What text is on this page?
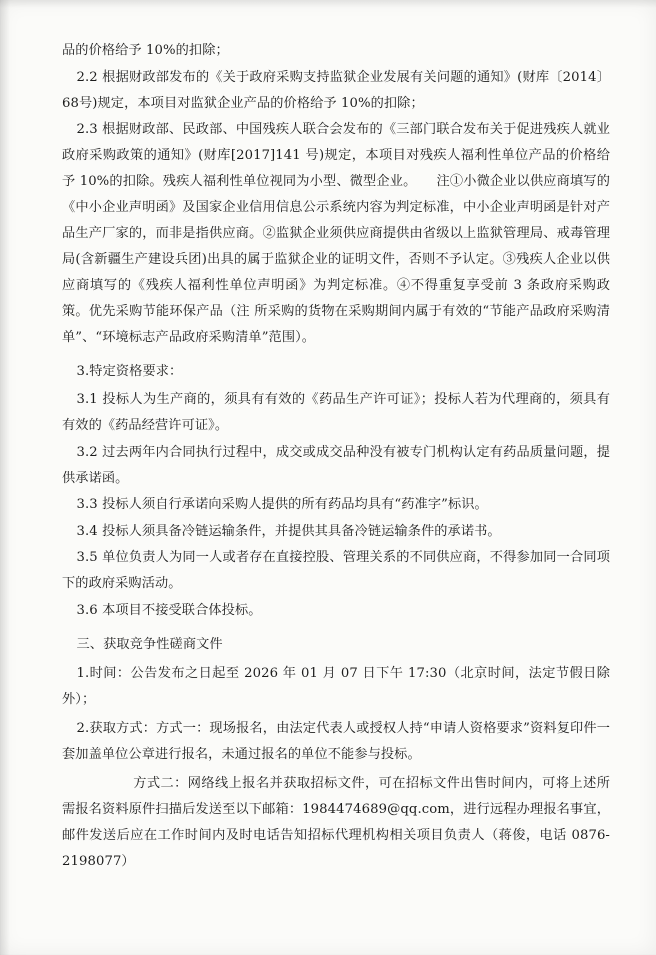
品的价格给予 10%的扣除；

2.2 根据财政部发布的《关于政府采购支持监狱企业发展有关问题的通知》(财库〔2014〕68号)规定，本项目对监狱企业产品的价格给予 10%的扣除；

2.3 根据财政部、民政部、中国残疾人联合会发布的《三部门联合发布关于促进残疾人就业政府采购政策的通知》(财库[2017]141 号)规定，本项目对残疾人福利性单位产品的价格给予 10%的扣除。残疾人福利性单位视同为小型、微型企业。　　注①小微企业以供应商填写的《中小企业声明函》及国家企业信用信息公示系统内容为判定标准，中小企业声明函是针对产品生产厂家的，而非是指供应商。②监狱企业须供应商提供由省级以上监狱管理局、戒毒管理局(含新疆生产建设兵团)出具的属于监狱企业的证明文件，否则不予认定。③残疾人企业以供应商填写的《残疾人福利性单位声明函》为判定标准。④不得重复享受前 3 条政府采购政策。优先采购节能环保产品（注 所采购的货物在采购期间内属于有效的“节能产品政府采购清单”、“环境标志产品政府采购清单”范围）。

3.特定资格要求：

3.1 投标人为生产商的，须具有有效的《药品生产许可证》；投标人若为代理商的，须具有有效的《药品经营许可证》。

3.2 过去两年内合同执行过程中，成交或成交品种没有被专门机构认定有药品质量问题，提供承诺函。

3.3 投标人须自行承诺向采购人提供的所有药品均具有“药准字”标识。

3.4 投标人须具备冷链运输条件，并提供其具备冷链运输条件的承诺书。

3.5 单位负责人为同一人或者存在直接控股、管理关系的不同供应商，不得参加同一合同项下的政府采购活动。

3.6 本项目不接受联合体投标。

三、获取竞争性磋商文件

1.时间：公告发布之日起至 2026 年 01 月 07 日下午 17:30（北京时间，法定节假日除外）；

2.获取方式：方式一：现场报名，由法定代表人或授权人持“申请人资格要求”资料复印件一套加盖单位公章进行报名，未通过报名的单位不能参与投标。

方式二：网络线上报名并获取招标文件，可在招标文件出售时间内，可将上述所需报名资料原件扫描后发送至以下邮箱：1984474689@qq.com，进行远程办理报名事宜，邮件发送后应在工作时间内及时电话告知招标代理机构相关项目负责人（蒋俊，电话 0876-2198077）
